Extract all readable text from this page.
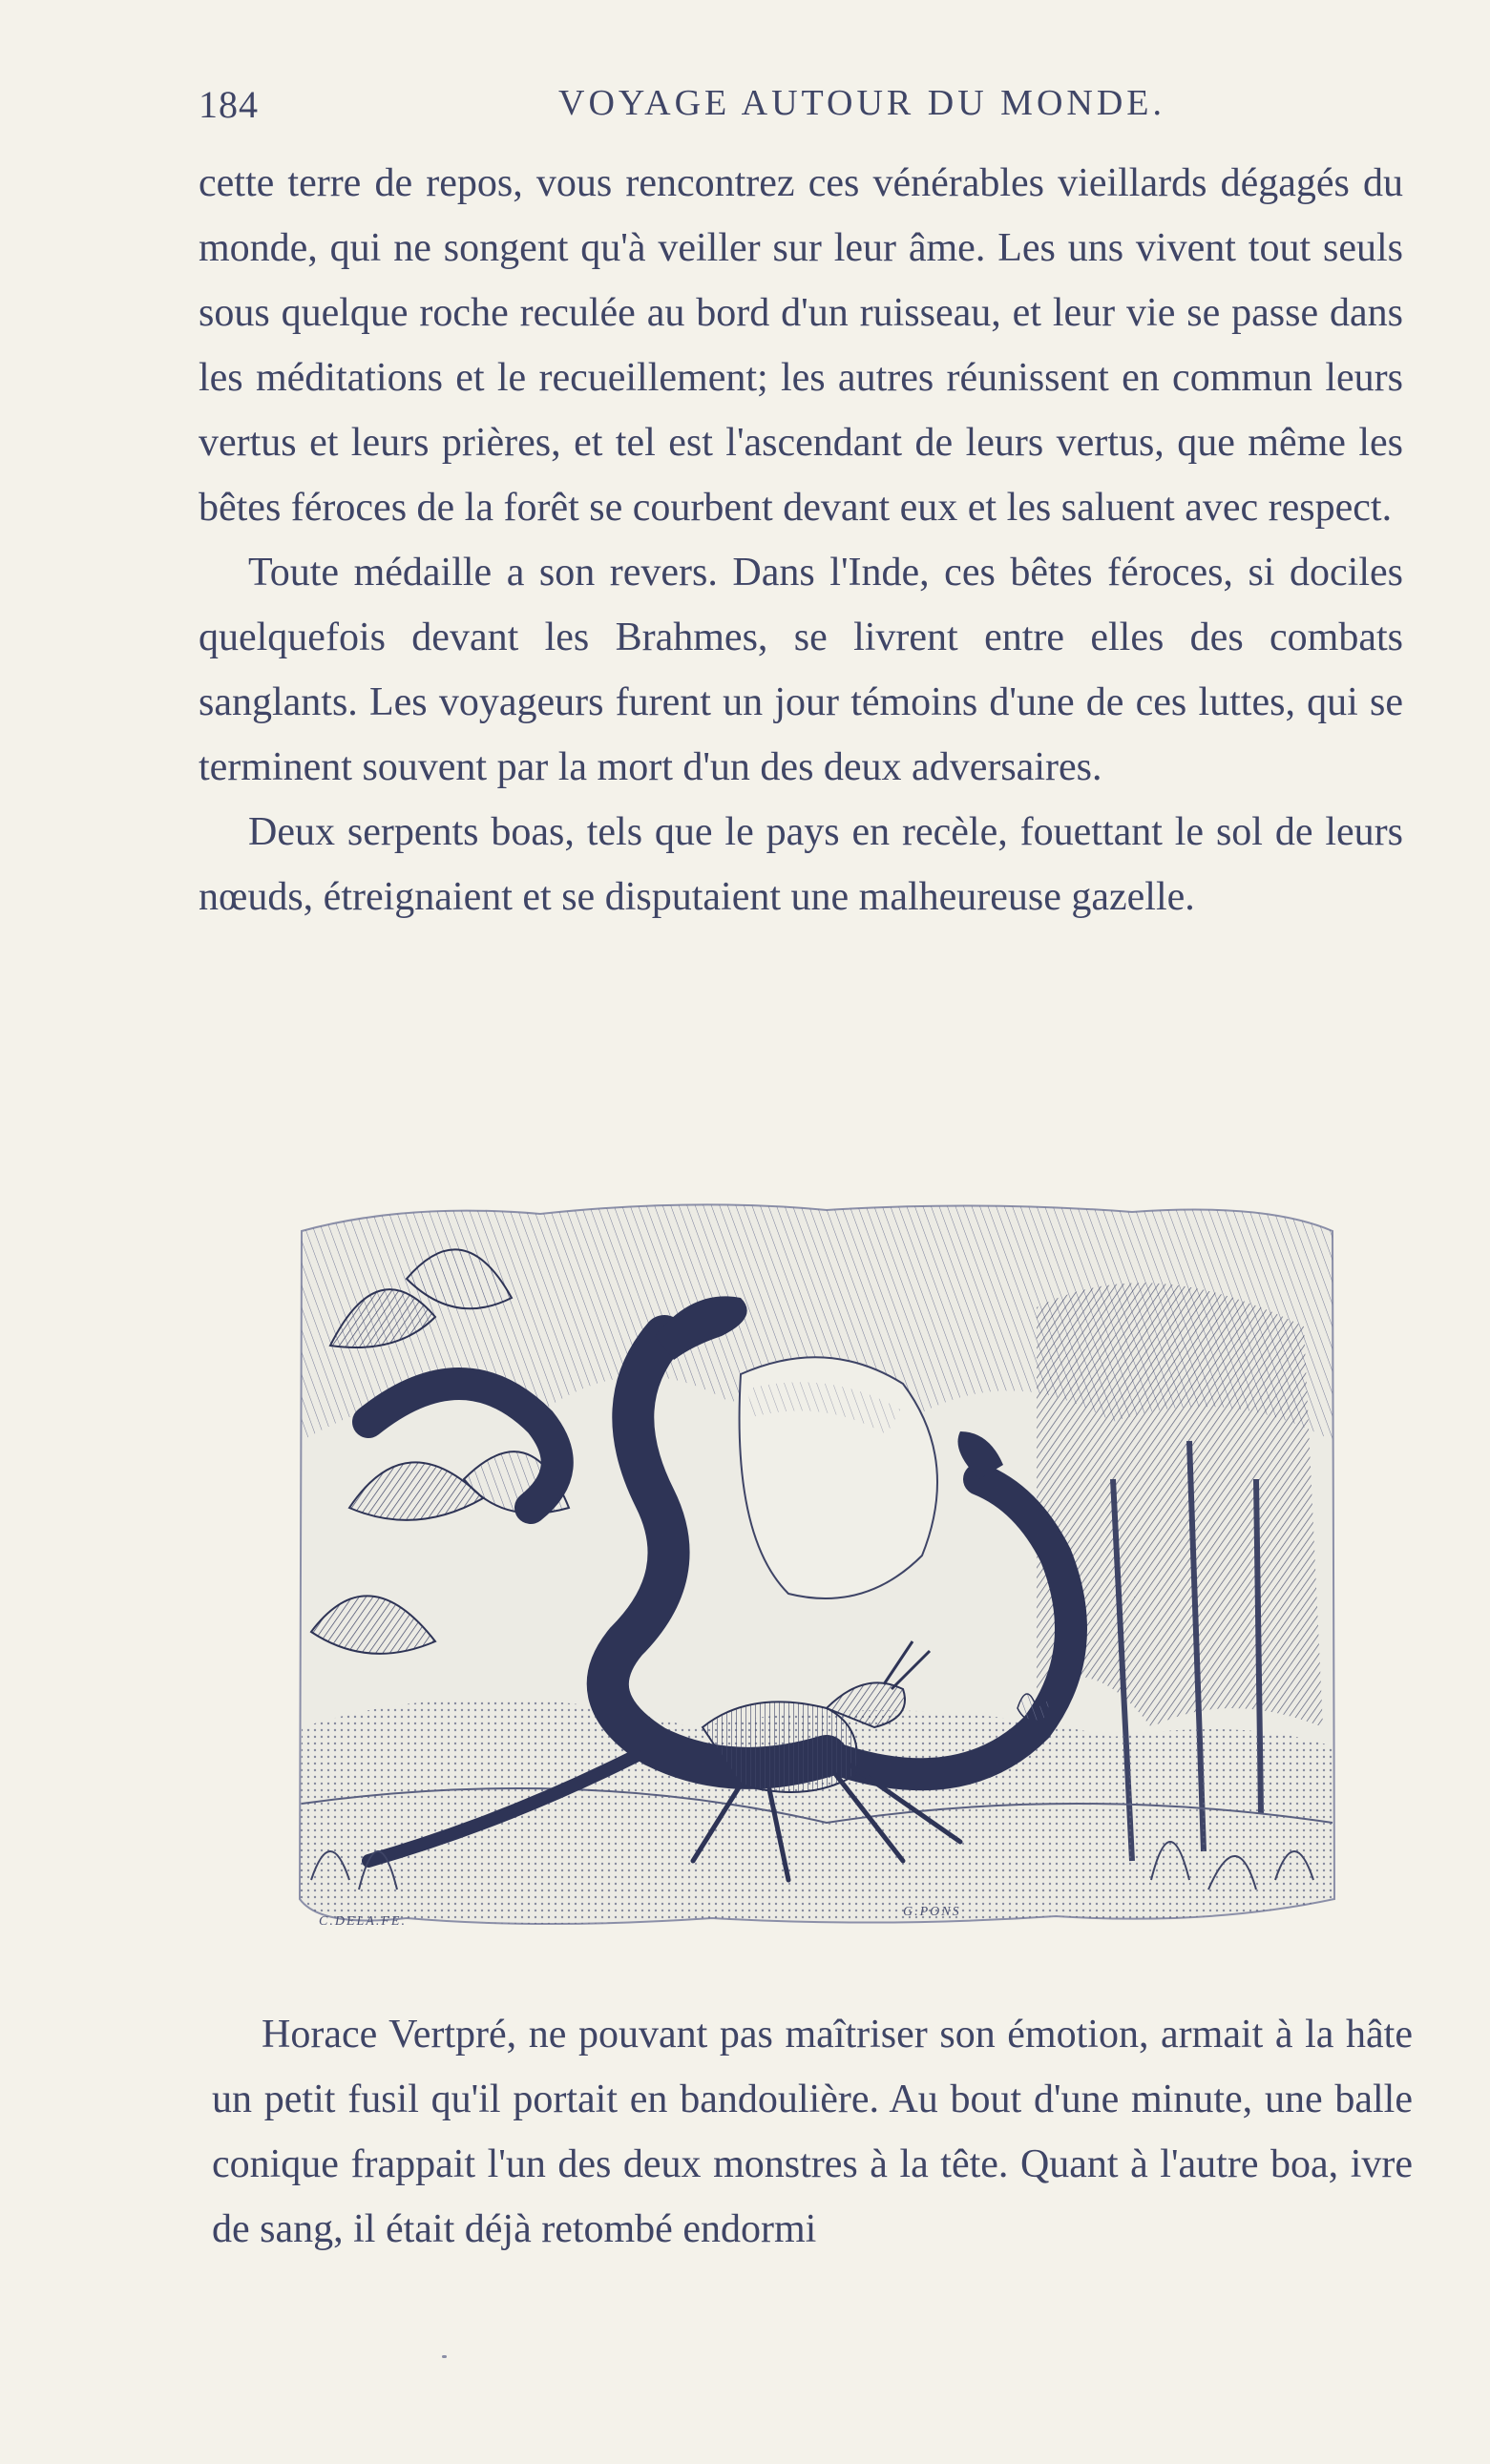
184	VOYAGE AUTOUR DU MONDE.

cette terre de repos, vous rencontrez ces vénérables vieillards dégagés du monde, qui ne songent qu'à veiller sur leur âme. Les uns vivent tout seuls sous quelque roche reculée au bord d'un ruisseau, et leur vie se passe dans les méditations et le recueillement; les autres réunissent en commun leurs vertus et leurs prières, et tel est l'ascendant de leurs vertus, que même les bêtes féroces de la forêt se courbent devant eux et les saluent avec respect.

Toute médaille a son revers. Dans l'Inde, ces bêtes féroces, si dociles quelquefois devant les Brahmes, se livrent entre elles des combats sanglants. Les voyageurs furent un jour témoins d'une de ces luttes, qui se terminent souvent par la mort d'un des deux adversaires.

Deux serpents boas, tels que le pays en recèle, fouettant le sol de leurs nœuds, étreignaient et se disputaient une malheureuse gazelle.

C.DELA.FE.
G.PONS

Horace Vertpré, ne pouvant pas maîtriser son émotion, armait à la hâte un petit fusil qu'il portait en bandoulière. Au bout d'une minute, une balle conique frappait l'un des deux monstres à la tête. Quant à l'autre boa, ivre de sang, il était déjà retombé endormi
